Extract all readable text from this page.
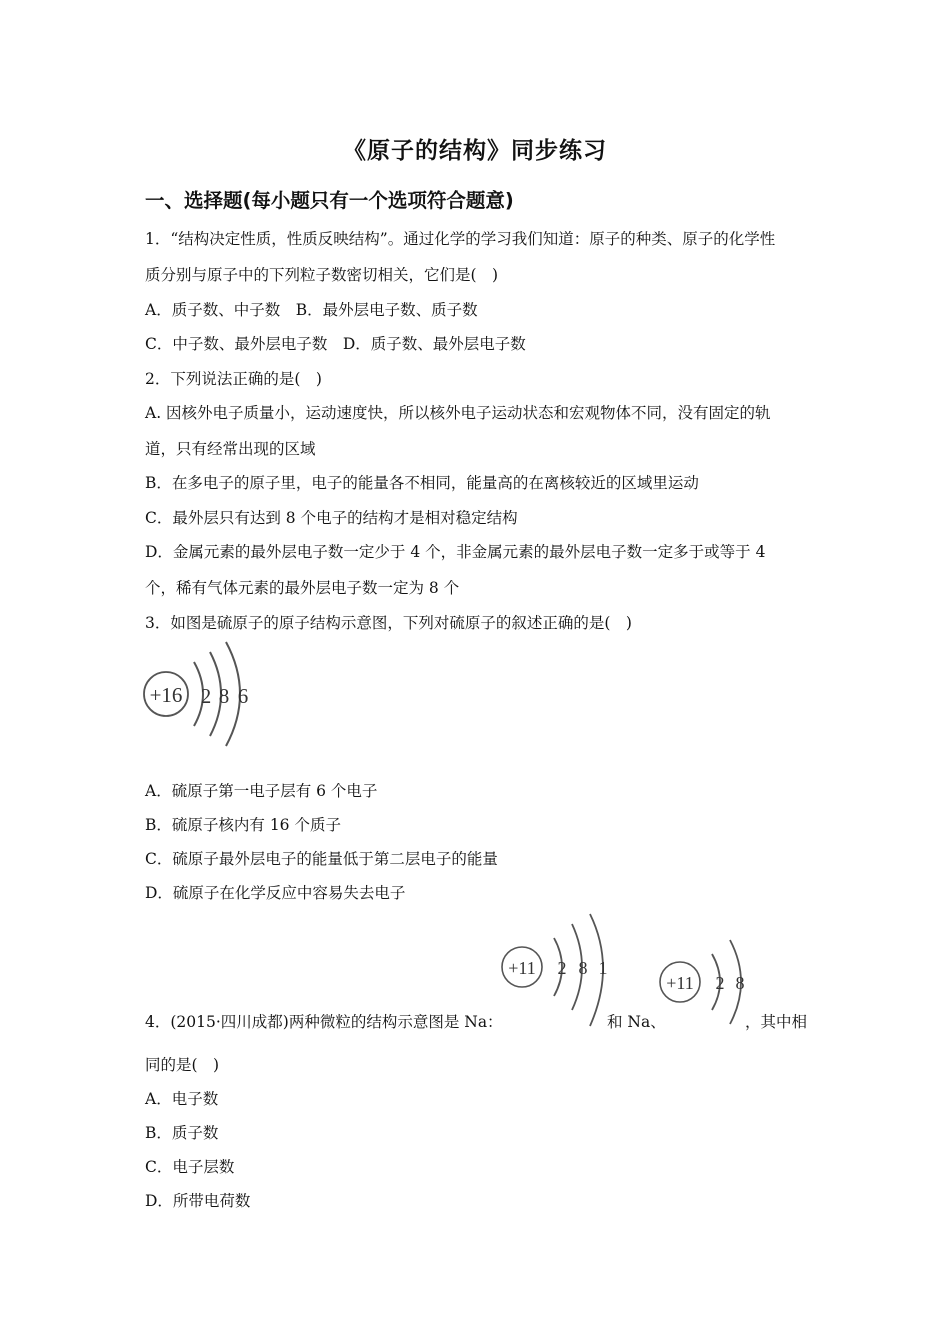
《原子的结构》同步练习
一、选择题(每小题只有一个选项符合题意)
1．“结构决定性质，性质反映结构”。通过化学的学习我们知道：原子的种类、原子的化学性
质分别与原子中的下列粒子数密切相关，它们是(　)
A．质子数、中子数　B．最外层电子数、质子数
C．中子数、最外层电子数　D．质子数、最外层电子数
2．下列说法正确的是(　)
A. 因核外电子质量小，运动速度快，所以核外电子运动状态和宏观物体不同，没有固定的轨
道，只有经常出现的区域
B．在多电子的原子里，电子的能量各不相同，能量高的在离核较近的区域里运动
C．最外层只有达到 8 个电子的结构才是相对稳定结构
D．金属元素的最外层电子数一定少于 4 个，非金属元素的最外层电子数一定多于或等于 4
个，稀有气体元素的最外层电子数一定为 8 个
3．如图是硫原子的原子结构示意图，下列对硫原子的叙述正确的是(　)
+16 2 8 6
A．硫原子第一电子层有 6 个电子
B．硫原子核内有 16 个质子
C．硫原子最外层电子的能量低于第二层电子的能量
D．硫原子在化学反应中容易失去电子
4．(2015·四川成都)两种微粒的结构示意图是 Na：
+11 2 8 1
和 Na、
+11 2 8
，其中相
同的是(　)
A．电子数
B．质子数
C．电子层数
D．所带电荷数
